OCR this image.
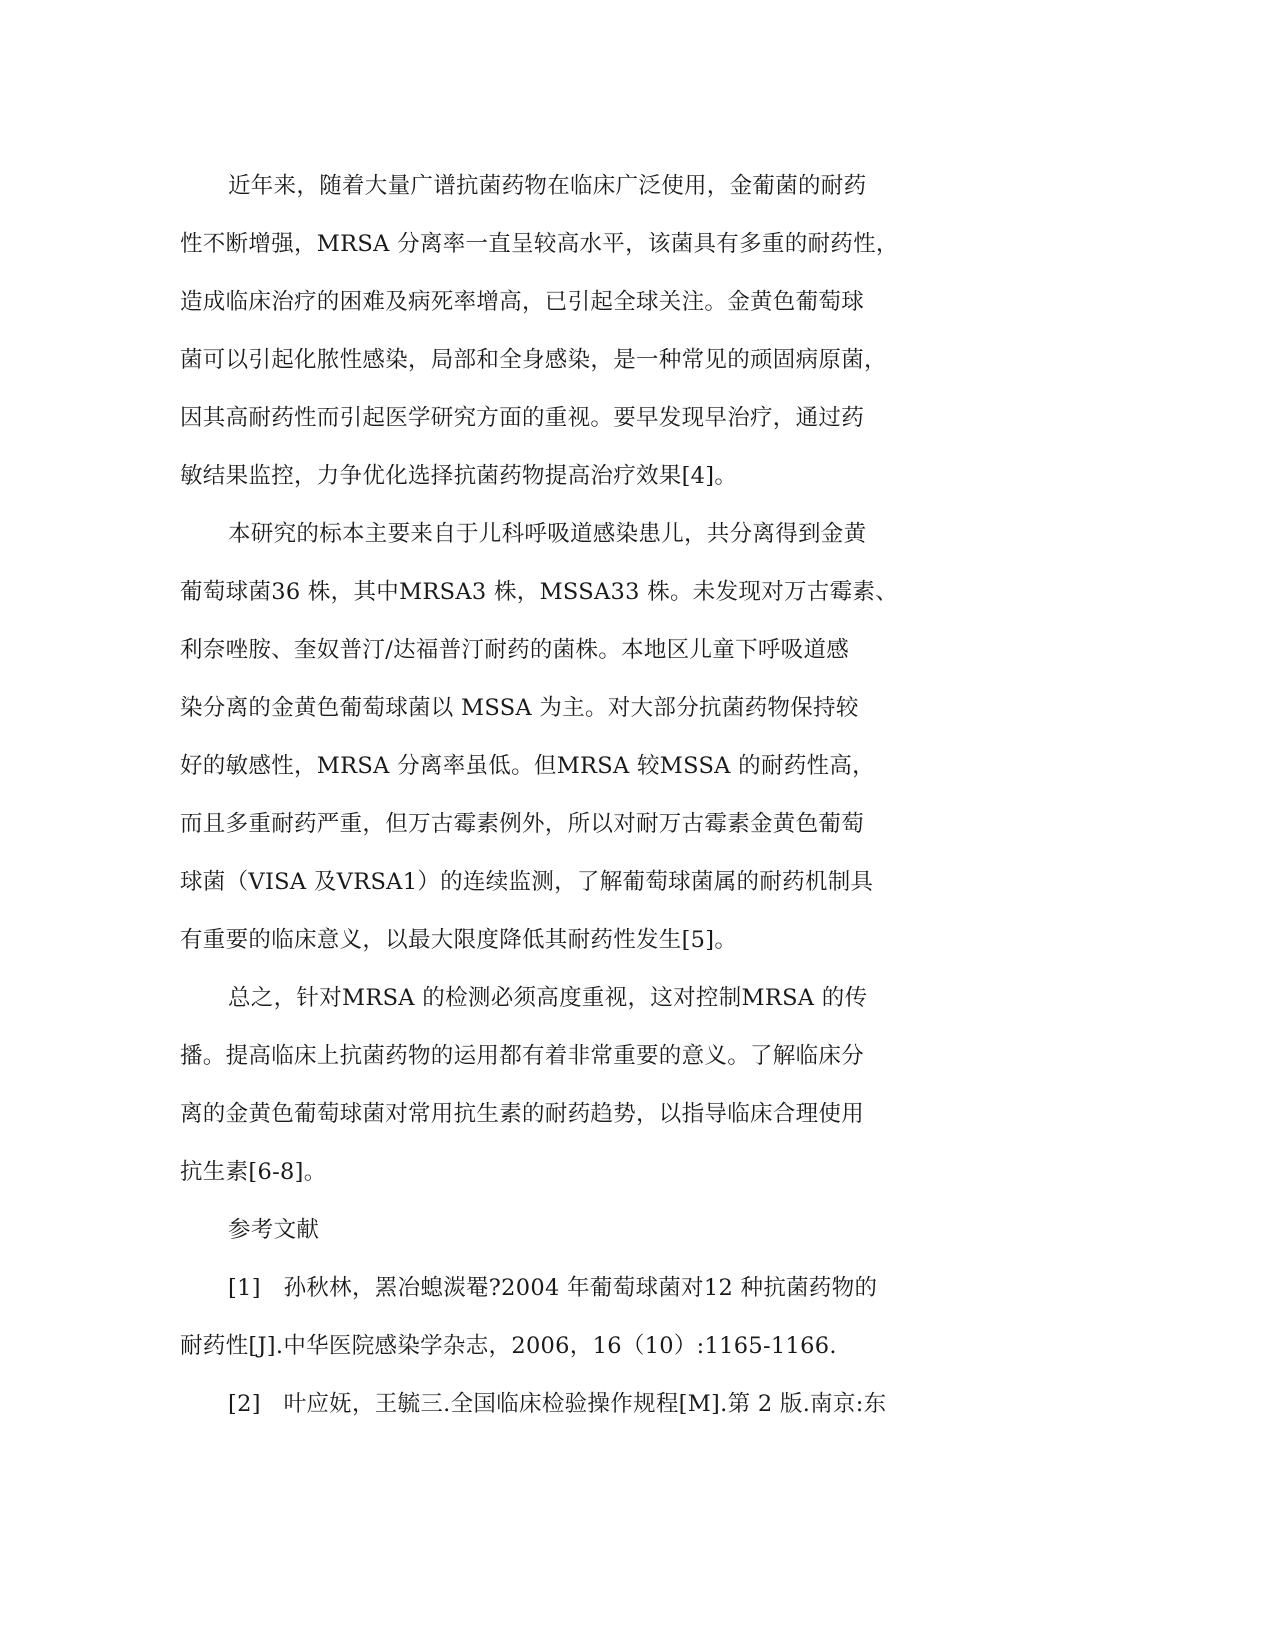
近年来，随着大量广谱抗菌药物在临床广泛使用，金葡菌的耐药
性不断增强，MRSA 分离率一直呈较高水平，该菌具有多重的耐药性，
造成临床治疗的困难及病死率增高，已引起全球关注。金黄色葡萄球
菌可以引起化脓性感染，局部和全身感染，是一种常见的顽固病原菌，
因其高耐药性而引起医学研究方面的重视。要早发现早治疗，通过药
敏结果监控，力争优化选择抗菌药物提高治疗效果[4]。
本研究的标本主要来自于儿科呼吸道感染患儿，共分离得到金黄
葡萄球菌36 株，其中MRSA3 株，MSSA33 株。未发现对万古霉素、
利奈唑胺、奎奴普汀/达福普汀耐药的菌株。本地区儿童下呼吸道感
染分离的金黄色葡萄球菌以 MSSA 为主。对大部分抗菌药物保持较
好的敏感性，MRSA 分离率虽低。但MRSA 较MSSA 的耐药性高，
而且多重耐药严重，但万古霉素例外，所以对耐万古霉素金黄色葡萄
球菌（VISA 及VRSA1）的连续监测，了解葡萄球菌属的耐药机制具
有重要的临床意义，以最大限度降低其耐药性发生[5]。
总之，针对MRSA 的检测必须高度重视，这对控制MRSA 的传
播。提高临床上抗菌药物的运用都有着非常重要的意义。了解临床分
离的金黄色葡萄球菌对常用抗生素的耐药趋势，以指导临床合理使用
抗生素[6-8]。
参考文献
[1]　孙秋林，罴冶螅湠罨?2004 年葡萄球菌对12 种抗菌药物的
耐药性[J].中华医院感染学杂志，2006，16（10）:1165-1166.
[2]　叶应妩，王毓三.全国临床检验操作规程[M].第 2 版.南京:东
